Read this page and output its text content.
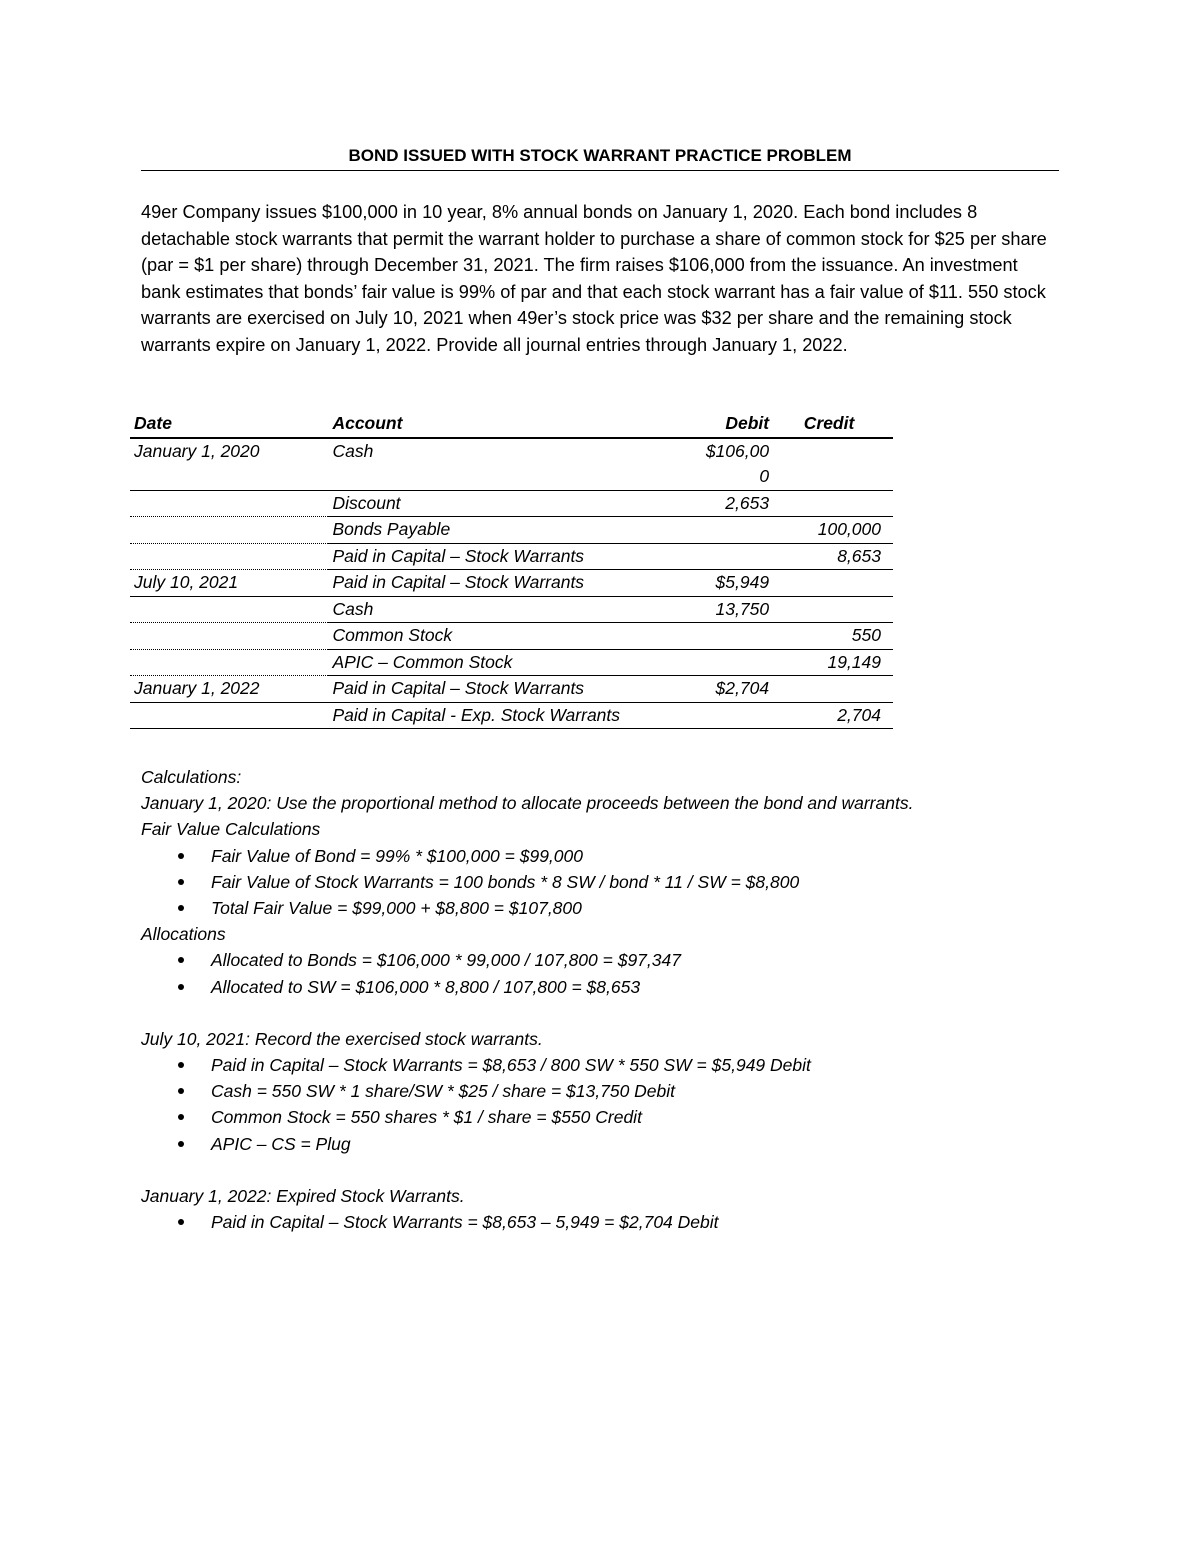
BOND ISSUED WITH STOCK WARRANT PRACTICE PROBLEM
49er Company issues $100,000 in 10 year, 8% annual bonds on January 1, 2020. Each bond includes 8 detachable stock warrants that permit the warrant holder to purchase a share of common stock for $25 per share (par = $1 per share) through December 31, 2021. The firm raises $106,000 from the issuance. An investment bank estimates that bonds’ fair value is 99% of par and that each stock warrant has a fair value of $11. 550 stock warrants are exercised on July 10, 2021 when 49er’s stock price was $32 per share and the remaining stock warrants expire on January 1, 2022. Provide all journal entries through January 1, 2022.
Date	Account	Debit	Credit
January 1, 2020	Cash	$106,000	
	Discount	2,653	
	Bonds Payable		100,000
	Paid in Capital – Stock Warrants		8,653
July 10, 2021	Paid in Capital – Stock Warrants	$5,949	
	Cash	13,750	
	Common Stock		550
	APIC – Common Stock		19,149
January 1, 2022	Paid in Capital – Stock Warrants	$2,704	
	Paid in Capital - Exp. Stock Warrants		2,704

Calculations:

January 1, 2020: Use the proportional method to allocate proceeds between the bond and warrants.

Fair Value Calculations

Fair Value of Bond = 99% * $100,000 = $99,000
Fair Value of Stock Warrants = 100 bonds * 8 SW / bond * 11 / SW = $8,800
Total Fair Value = $99,000 + $8,800 = $107,800

Allocations

Allocated to Bonds = $106,000 * 99,000 / 107,800 = $97,347
Allocated to SW = $106,000 * 8,800 / 107,800 = $8,653

July 10, 2021: Record the exercised stock warrants.

Paid in Capital – Stock Warrants = $8,653 / 800 SW * 550 SW = $5,949 Debit
Cash = 550 SW * 1 share/SW * $25 / share = $13,750 Debit
Common Stock = 550 shares * $1 / share = $550 Credit
APIC – CS = Plug

January 1, 2022: Expired Stock Warrants.

Paid in Capital – Stock Warrants = $8,653 – 5,949 = $2,704 Debit
